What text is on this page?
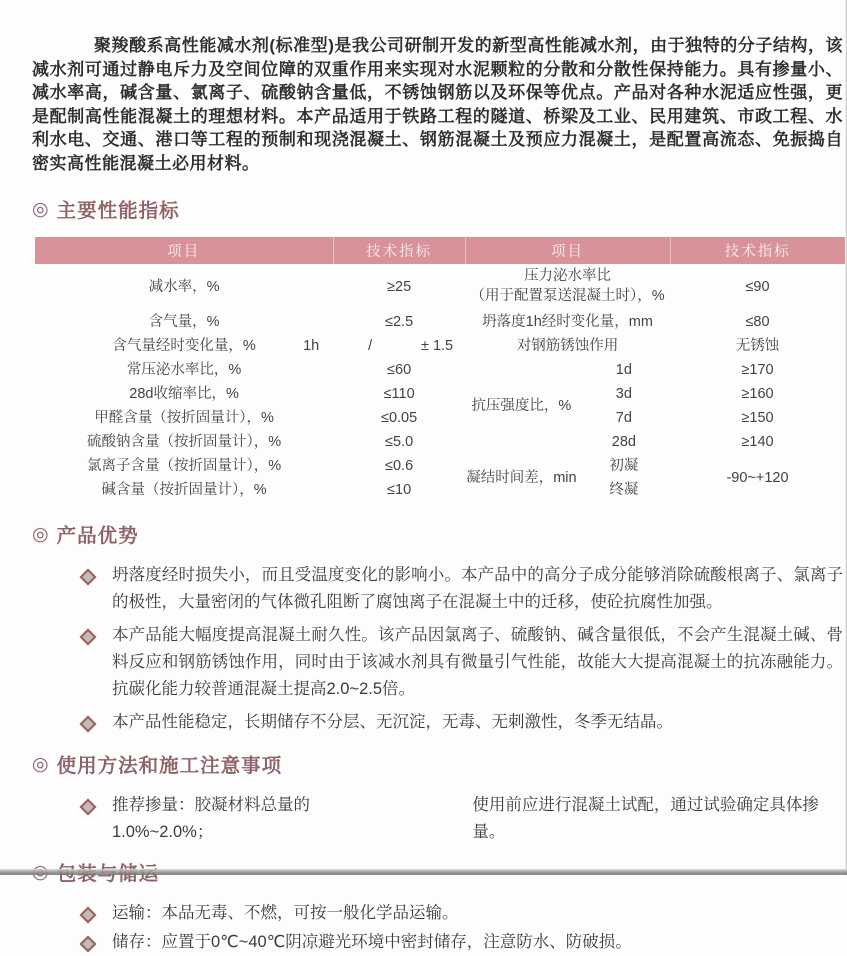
聚羧酸系高性能减水剂(标准型)是我公司研制开发的新型高性能减水剂，由于独特的分子结构，该减水剂可通过静电斥力及空间位障的双重作用来实现对水泥颗粒的分散和分散性保持能力。具有掺量小、减水率高，碱含量、氯离子、硫酸钠含量低，不锈蚀钢筋以及环保等优点。产品对各种水泥适应性强，更是配制高性能混凝土的理想材料。本产品适用于铁路工程的隧道、桥梁及工业、民用建筑、市政工程、水利水电、交通、港口等工程的预制和现浇混凝土、钢筋混凝土及预应力混凝土，是配置高流态、免振捣自密实高性能混凝土必用材料。

◎ 主要性能指标
项目	技术指标	项目		技术指标
减水率，%	≥25	压力泌水率比
（用于配置泵送混凝土时），%		≤90
含气量，%	≤2.5	坍落度1h经时变化量，mm		≤80
含气量经时变化量，%	1h / ± 1.5	对钢筋锈蚀作用		无锈蚀
常压泌水率比，%	≤60	抗压强度比，%	1d	≥170
28d收缩率比，%	≤110		3d	≥160
甲醛含量（按折固量计），%	≤0.05		7d	≥150
硫酸钠含量（按折固量计），%	≤5.0		28d	≥140
氯离子含量（按折固量计），%	≤0.6	凝结时间差，min	初凝	-90~+120
碱含量（按折固量计），%	≤10		终凝	
◎ 产品优势

坍落度经时损失小，而且受温度变化的影响小。本产品中的高分子成分能够消除硫酸根离子、氯离子的极性，大量密闭的气体微孔阻断了腐蚀离子在混凝土中的迁移，使砼抗腐性加强。

本产品能大幅度提高混凝土耐久性。该产品因氯离子、硫酸钠、碱含量很低，不会产生混凝土碱、骨料反应和钢筋锈蚀作用，同时由于该减水剂具有微量引气性能，故能大大提高混凝土的抗冻融能力。抗碳化能力较普通混凝土提高2.0~2.5倍。

本产品性能稳定，长期储存不分层、无沉淀，无毒、无刺激性，冬季无结晶。

◎ 使用方法和施工注意事项

推荐掺量：胶凝材料总量的1.0%~2.0%；
使用前应进行混凝土试配，通过试验确定具体掺量。

运输：本品无毒、不燃，可按一般化学品运输。

储存：应置于0℃~40℃阴凉避光环境中密封储存，注意防水、防破损。
